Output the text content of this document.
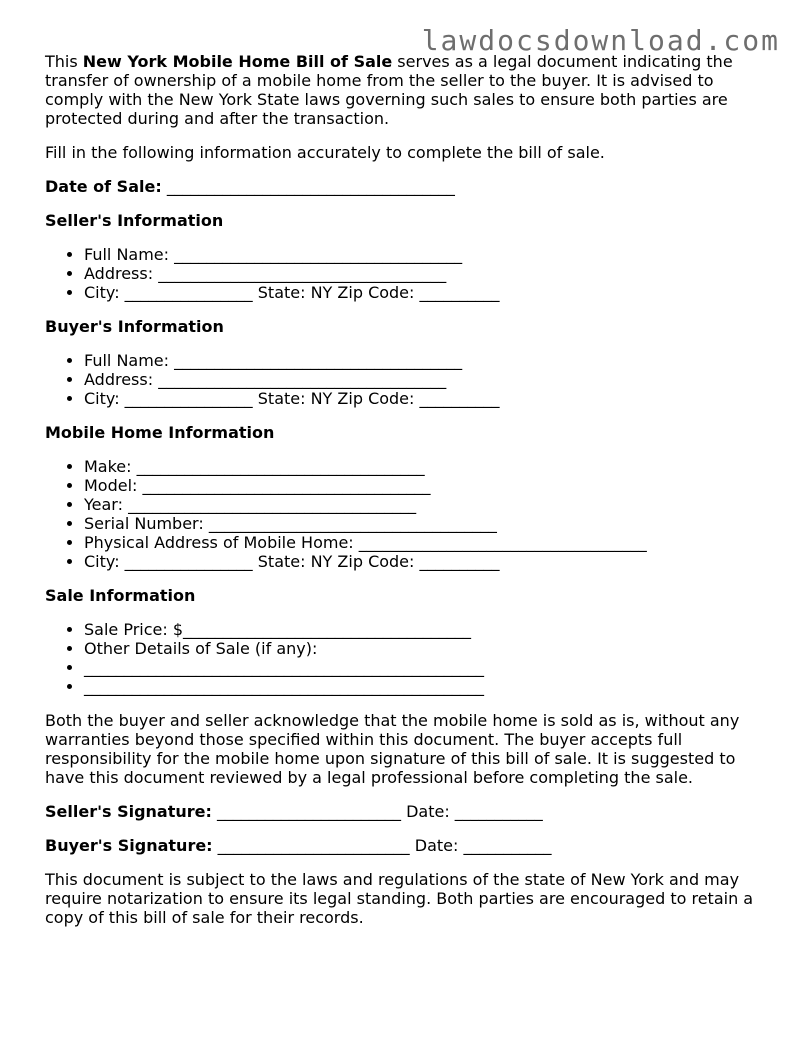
lawdocsdownload.com

This New York Mobile Home Bill of Sale serves as a legal document indicating the transfer of ownership of a mobile home from the seller to the buyer. It is advised to comply with the New York State laws governing such sales to ensure both parties are protected during and after the transaction.

Fill in the following information accurately to complete the bill of sale.

Date of Sale: ____________________________________

Seller's Information
• Full Name: ____________________________________
• Address: ____________________________________
• City: ________________ State: NY Zip Code: __________
Buyer's Information
• Full Name: ____________________________________
• Address: ____________________________________
• City: ________________ State: NY Zip Code: __________
Mobile Home Information
• Make: ____________________________________
• Model: ____________________________________
• Year: ____________________________________
• Serial Number: ____________________________________
• Physical Address of Mobile Home: ____________________________________
• City: ________________ State: NY Zip Code: __________
Sale Information
• Sale Price: $____________________________________
• Other Details of Sale (if any):
• __________________________________________________
• __________________________________________________

Both the buyer and seller acknowledge that the mobile home is sold as is, without any warranties beyond those specified within this document. The buyer accepts full responsibility for the mobile home upon signature of this bill of sale. It is suggested to have this document reviewed by a legal professional before completing the sale.

Seller's Signature: _______________________ Date: ___________

Buyer's Signature: ________________________ Date: ___________

This document is subject to the laws and regulations of the state of New York and may require notarization to ensure its legal standing. Both parties are encouraged to retain a copy of this bill of sale for their records.
